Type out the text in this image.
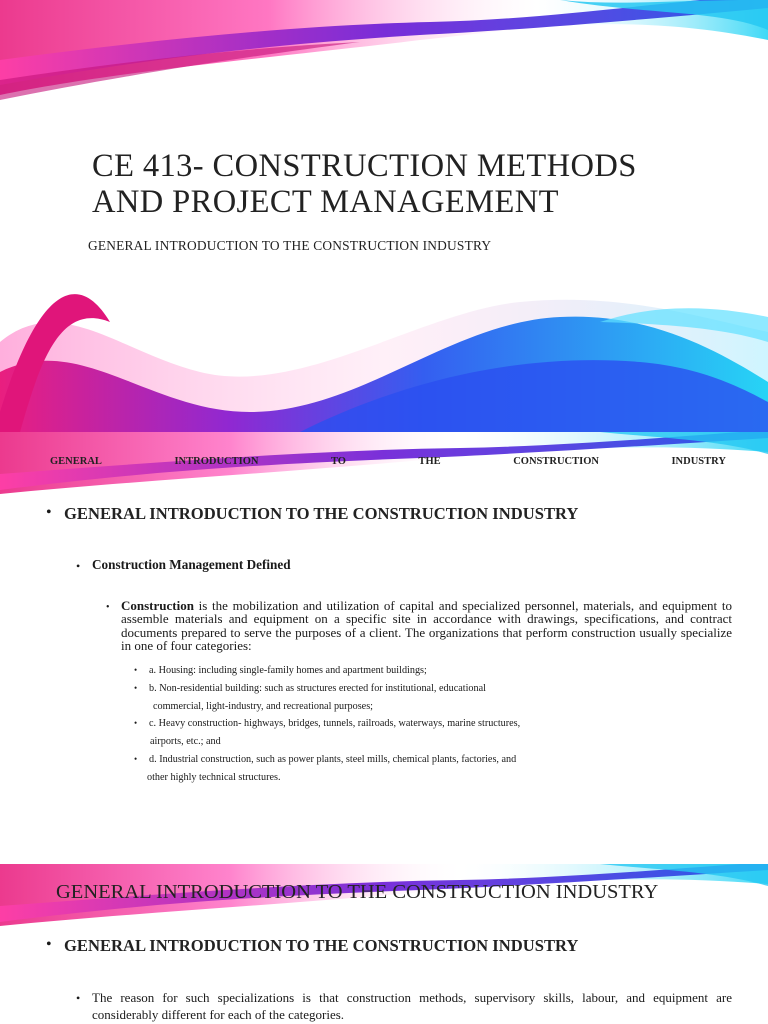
CE 413- CONSTRUCTION METHODS
AND PROJECT MANAGEMENT
GENERAL INTRODUCTION TO THE CONSTRUCTION INDUSTRY
GENERAL	INTRODUCTION	TO	THE	CONSTRUCTION	INDUSTRY
• GENERAL INTRODUCTION TO THE CONSTRUCTION INDUSTRY
• Construction Management Defined
• Construction is the mobilization and utilization of capital and specialized personnel, materials, and equipment to assemble materials and equipment on a specific site in accordance with drawings, specifications, and contract documents prepared to serve the purposes of a client. The organizations that perform construction usually specialize in one of four categories:
• a. Housing: including single-family homes and apartment buildings;
• b. Non-residential building: such as structures erected for institutional, educational
commercial, light-industry, and recreational purposes;
• c. Heavy construction- highways, bridges, tunnels, railroads, waterways, marine structures,
airports, etc.; and
• d. Industrial construction, such as power plants, steel mills, chemical plants, factories, and
other highly technical structures.
GENERAL INTRODUCTION TO THE CONSTRUCTION INDUSTRY
• GENERAL INTRODUCTION TO THE CONSTRUCTION INDUSTRY
• The reason for such specializations is that construction methods, supervisory skills, labour, and equipment are considerably different for each of the categories.
